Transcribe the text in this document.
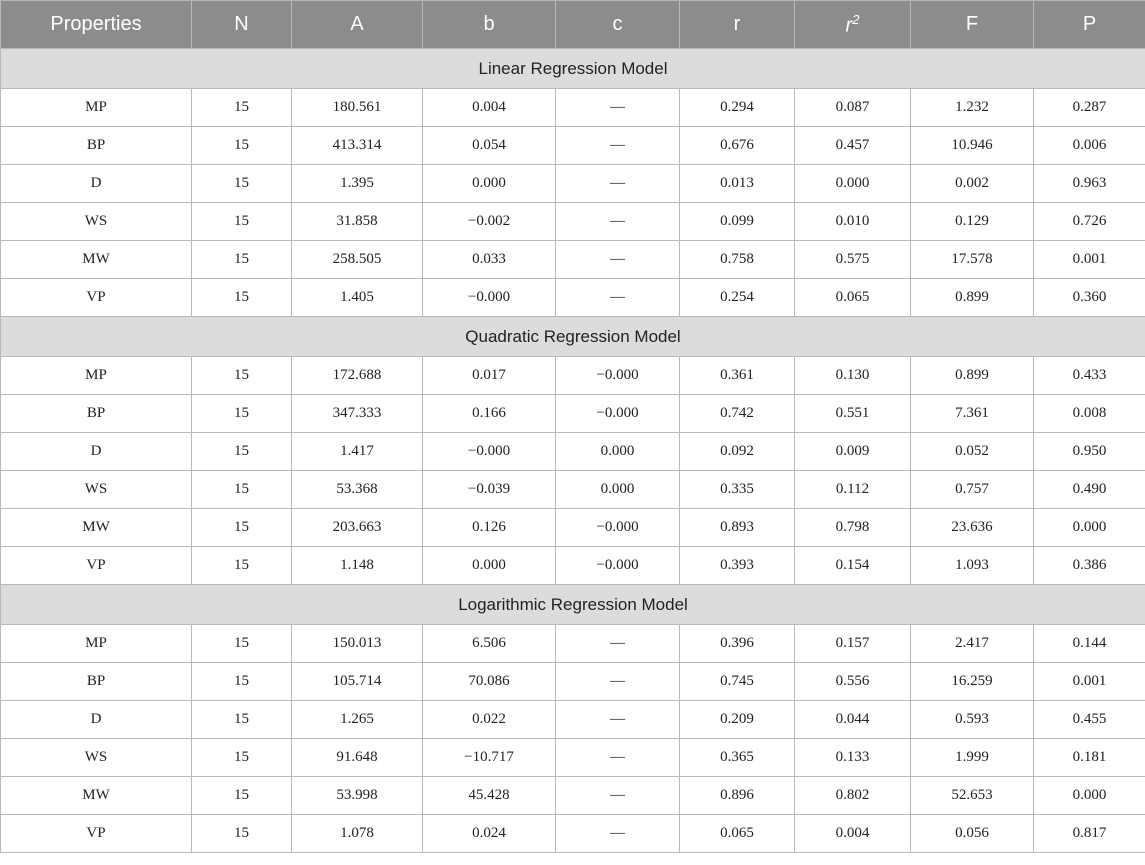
Properties	N	A	b	c	r	$r^2$	F	P
Linear Regression Model								
MP	15	180.561	0.004	—	0.294	0.087	1.232	0.287
BP	15	413.314	0.054	—	0.676	0.457	10.946	0.006
D	15	1.395	0.000	—	0.013	0.000	0.002	0.963
WS	15	31.858	−0.002	—	0.099	0.010	0.129	0.726
MW	15	258.505	0.033	—	0.758	0.575	17.578	0.001
VP	15	1.405	−0.000	—	0.254	0.065	0.899	0.360
Quadratic Regression Model								
MP	15	172.688	0.017	−0.000	0.361	0.130	0.899	0.433
BP	15	347.333	0.166	−0.000	0.742	0.551	7.361	0.008
D	15	1.417	−0.000	0.000	0.092	0.009	0.052	0.950
WS	15	53.368	−0.039	0.000	0.335	0.112	0.757	0.490
MW	15	203.663	0.126	−0.000	0.893	0.798	23.636	0.000
VP	15	1.148	0.000	−0.000	0.393	0.154	1.093	0.386
Logarithmic Regression Model								
MP	15	150.013	6.506	—	0.396	0.157	2.417	0.144
BP	15	105.714	70.086	—	0.745	0.556	16.259	0.001
D	15	1.265	0.022	—	0.209	0.044	0.593	0.455
WS	15	91.648	−10.717	—	0.365	0.133	1.999	0.181
MW	15	53.998	45.428	—	0.896	0.802	52.653	0.000
VP	15	1.078	0.024	—	0.065	0.004	0.056	0.817
